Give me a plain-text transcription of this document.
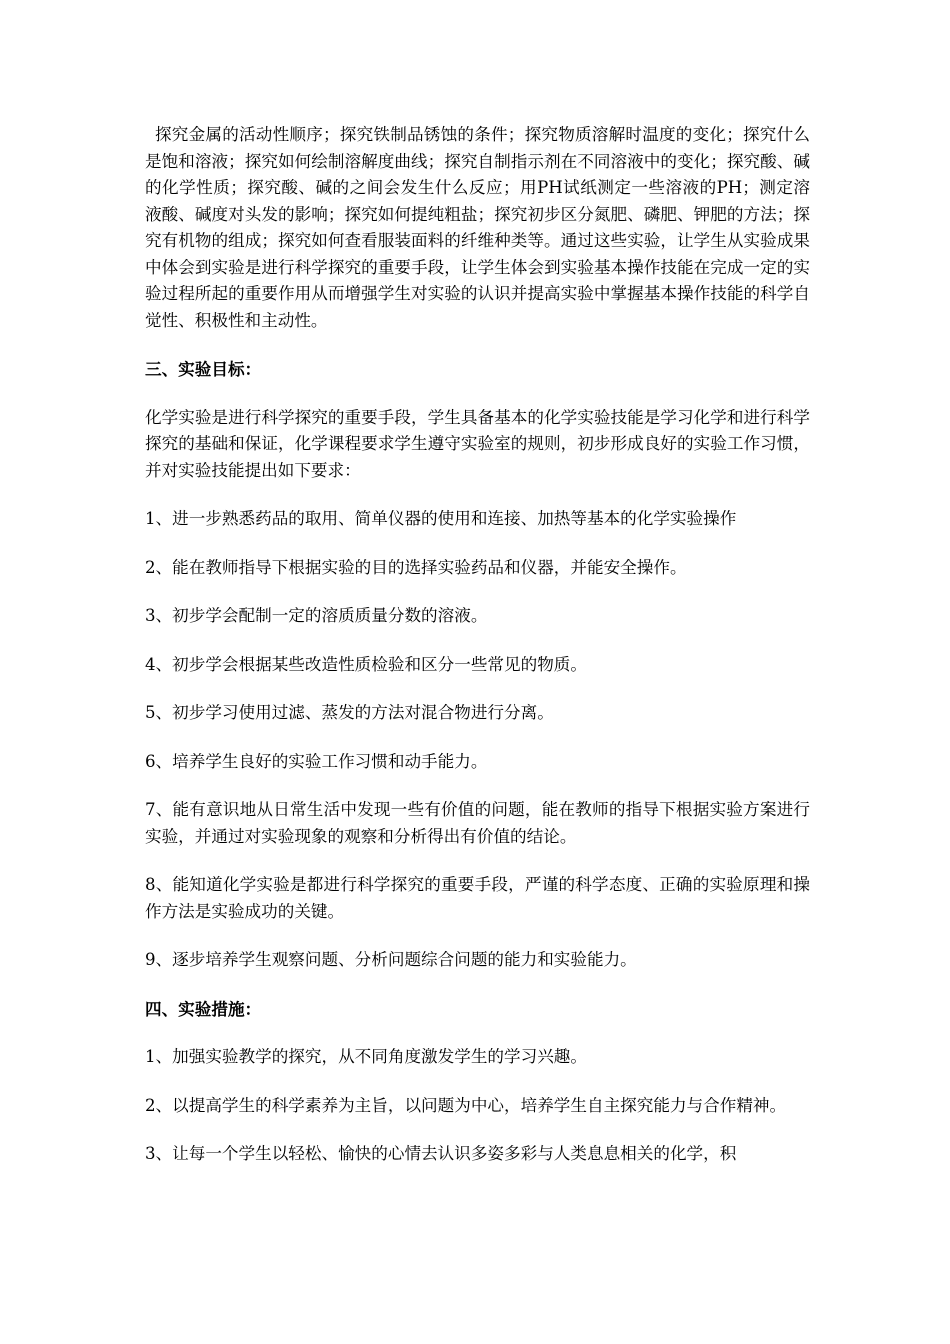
探究金属的活动性顺序；探究铁制品锈蚀的条件；探究物质溶解时温度的变化；探究什么是饱和溶液；探究如何绘制溶解度曲线；探究自制指示剂在不同溶液中的变化；探究酸、碱的化学性质；探究酸、碱的之间会发生什么反应；用PH试纸测定一些溶液的PH；测定溶液酸、碱度对头发的影响；探究如何提纯粗盐；探究初步区分氮肥、磷肥、钾肥的方法；探究有机物的组成；探究如何查看服装面料的纤维种类等。通过这些实验，让学生从实验成果中体会到实验是进行科学探究的重要手段，让学生体会到实验基本操作技能在完成一定的实验过程所起的重要作用从而增强学生对实验的认识并提高实验中掌握基本操作技能的科学自觉性、积极性和主动性。

三、实验目标：

化学实验是进行科学探究的重要手段，学生具备基本的化学实验技能是学习化学和进行科学探究的基础和保证，化学课程要求学生遵守实验室的规则，初步形成良好的实验工作习惯，并对实验技能提出如下要求：

1、进一步熟悉药品的取用、简单仪器的使用和连接、加热等基本的化学实验操作

2、能在教师指导下根据实验的目的选择实验药品和仪器，并能安全操作。

3、初步学会配制一定的溶质质量分数的溶液。

4、初步学会根据某些改造性质检验和区分一些常见的物质。

5、初步学习使用过滤、蒸发的方法对混合物进行分离。

6、培养学生良好的实验工作习惯和动手能力。

7、能有意识地从日常生活中发现一些有价值的问题，能在教师的指导下根据实验方案进行实验，并通过对实验现象的观察和分析得出有价值的结论。

8、能知道化学实验是都进行科学探究的重要手段，严谨的科学态度、正确的实验原理和操作方法是实验成功的关键。

9、逐步培养学生观察问题、分析问题综合问题的能力和实验能力。

四、实验措施：

1、加强实验教学的探究，从不同角度激发学生的学习兴趣。

2、以提高学生的科学素养为主旨，以问题为中心，培养学生自主探究能力与合作精神。

3、让每一个学生以轻松、愉快的心情去认识多姿多彩与人类息息相关的化学，积
